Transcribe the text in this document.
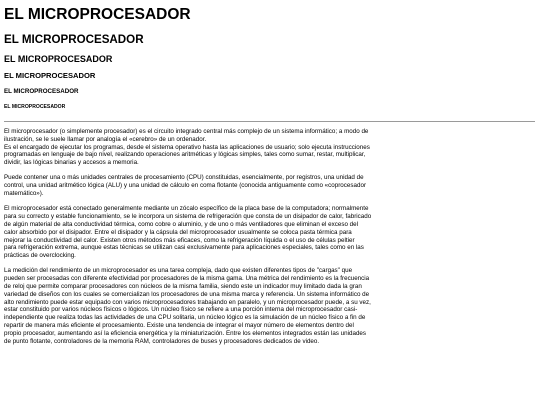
EL MICROPROCESADOR
EL MICROPROCESADOR
EL MICROPROCESADOR
EL MICROPROCESADOR
EL MICROPROCESADOR
EL MICROPROCESADOR

El microprocesador (o simplemente procesador) es el circuito integrado central más complejo de un sistema informático; a modo de
ilustración, se le suele llamar por analogía el «cerebro» de un ordenador.
Es el encargado de ejecutar los programas, desde el sistema operativo hasta las aplicaciones de usuario; solo ejecuta instrucciones
programadas en lenguaje de bajo nivel, realizando operaciones aritméticas y lógicas simples, tales como sumar, restar, multiplicar,
dividir, las lógicas binarias y accesos a memoria.

Puede contener una o más unidades centrales de procesamiento (CPU) constituidas, esencialmente, por registros, una unidad de
control, una unidad aritmético lógica (ALU) y una unidad de cálculo en coma flotante (conocida antiguamente como «coprocesador
matemático»).

El microprocesador está conectado generalmente mediante un zócalo específico de la placa base de la computadora; normalmente
para su correcto y estable funcionamiento, se le incorpora un sistema de refrigeración que consta de un disipador de calor, fabricado
de algún material de alta conductividad térmica, como cobre o aluminio, y de uno o más ventiladores que eliminan el exceso del
calor absorbido por el disipador. Entre el disipador y la cápsula del microprocesador usualmente se coloca pasta térmica para
mejorar la conductividad del calor. Existen otros métodos más eficaces, como la refrigeración líquida o el uso de células peltier
para refrigeración extrema, aunque estas técnicas se utilizan casi exclusivamente para aplicaciones especiales, tales como en las
prácticas de overclocking.

La medición del rendimiento de un microprocesador es una tarea compleja, dado que existen diferentes tipos de "cargas" que
pueden ser procesadas con diferente efectividad por procesadores de la misma gama. Una métrica del rendimiento es la frecuencia
de reloj que permite comparar procesadores con núcleos de la misma familia, siendo este un indicador muy limitado dada la gran
variedad de diseños con los cuales se comercializan los procesadores de una misma marca y referencia. Un sistema informático de
alto rendimiento puede estar equipado con varios microprocesadores trabajando en paralelo, y un microprocesador puede, a su vez,
estar constituido por varios núcleos físicos o lógicos. Un núcleo físico se refiere a una porción interna del microprocesador casi-
independiente que realiza todas las actividades de una CPU solitaria, un núcleo lógico es la simulación de un núcleo físico a fin de
repartir de manera más eficiente el procesamiento. Existe una tendencia de integrar el mayor número de elementos dentro del
propio procesador, aumentando así la eficiencia energética y la miniaturización. Entre los elementos integrados están las unidades
de punto flotante, controladores de la memoria RAM, controladores de buses y procesadores dedicados de video.
